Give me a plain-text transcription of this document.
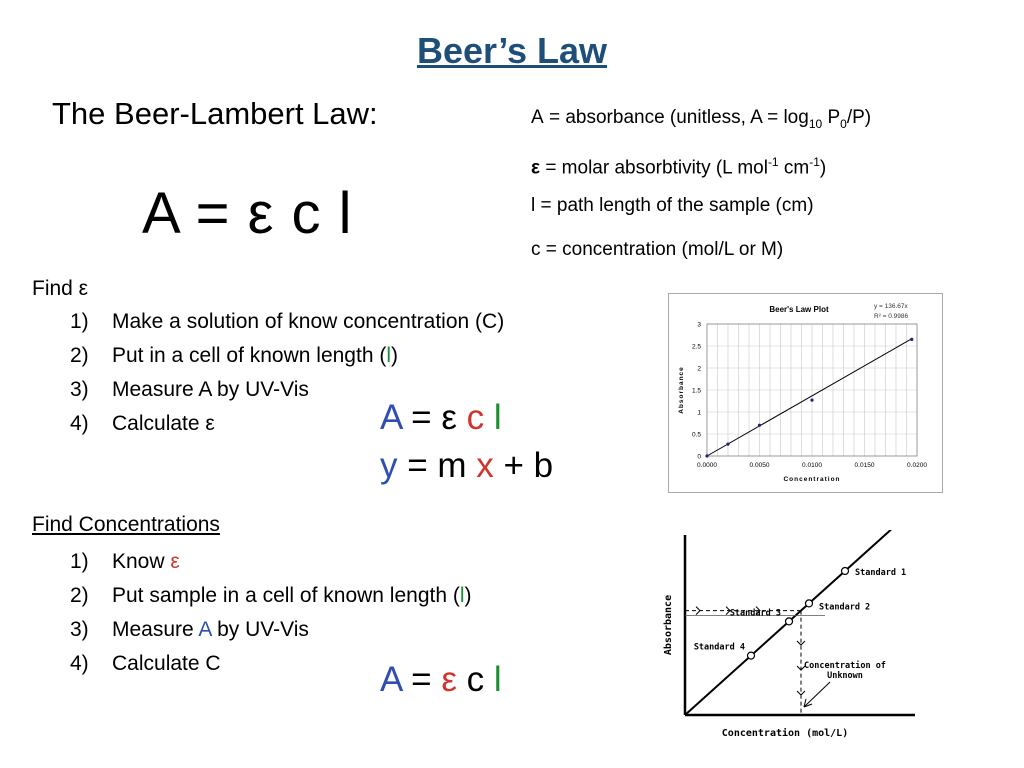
Beer’s Law
The Beer-Lambert Law:	A = absorbance (unitless, $A = \log_{10} P_0/P$)
ε = molar absorbtivity (L mol$^{-1}$ $cm^{-1}$)
l = path length of the sample (cm)
c = concentration (mol/L or M)
A = ε c l
Find ε
1) Make a solution of know concentration (C)
2) Put in a cell of known length (l)
3) Measure A by UV-Vis
4) Calculate ε	A = ε c l
y = m x + b
Beer's Law Plot	y = 136.67x
R² = 0.9986
0
0.5
1
1.5
2
2.5
3
0.0000	0.0050	0.0100	0.0150	0.0200
Concentration
Absorbance
Find Concentrations
1) Know ε
2) Put sample in a cell of known length (l)
3) Measure A by UV-Vis
4) Calculate C	A = ε c l
Standard 1
Standard 2
Standard 3
Standard 4
Concentration of
Unknown
Concentration (mol/L)
Absorbance
